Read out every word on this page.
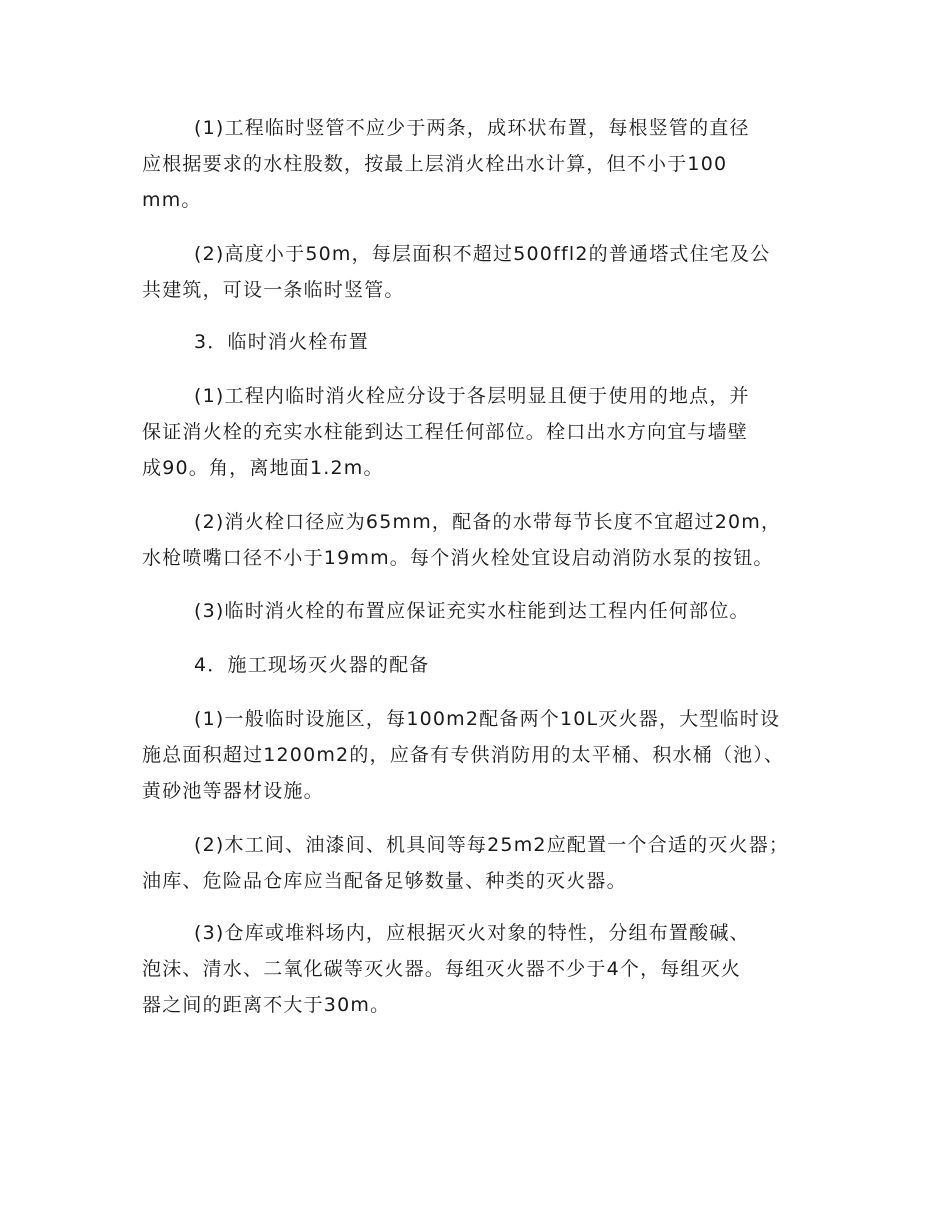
(1)工程临时竖管不应少于两条，成环状布置，每根竖管的直径
应根据要求的水柱股数，按最上层消火栓出水计算，但不小于100
mm。

(2)高度小于50m，每层面积不超过500ffl2的普通塔式住宅及公
共建筑，可设一条临时竖管。

3．临时消火栓布置

(1)工程内临时消火栓应分设于各层明显且便于使用的地点，并
保证消火栓的充实水柱能到达工程任何部位。栓口出水方向宜与墙壁
成90。角，离地面1.2m。

(2)消火栓口径应为65mm，配备的水带每节长度不宜超过20m，
水枪喷嘴口径不小于19mm。每个消火栓处宜设启动消防水泵的按钮。

(3)临时消火栓的布置应保证充实水柱能到达工程内任何部位。

4．施工现场灭火器的配备

(1)一般临时设施区，每100m2配备两个10L灭火器，大型临时设
施总面积超过1200m2的，应备有专供消防用的太平桶、积水桶（池）、
黄砂池等器材设施。

(2)木工间、油漆间、机具间等每25m2应配置一个合适的灭火器；
油库、危险品仓库应当配备足够数量、种类的灭火器。

(3)仓库或堆料场内，应根据灭火对象的特性，分组布置酸碱、
泡沫、清水、二氧化碳等灭火器。每组灭火器不少于4个，每组灭火
器之间的距离不大于30m。
